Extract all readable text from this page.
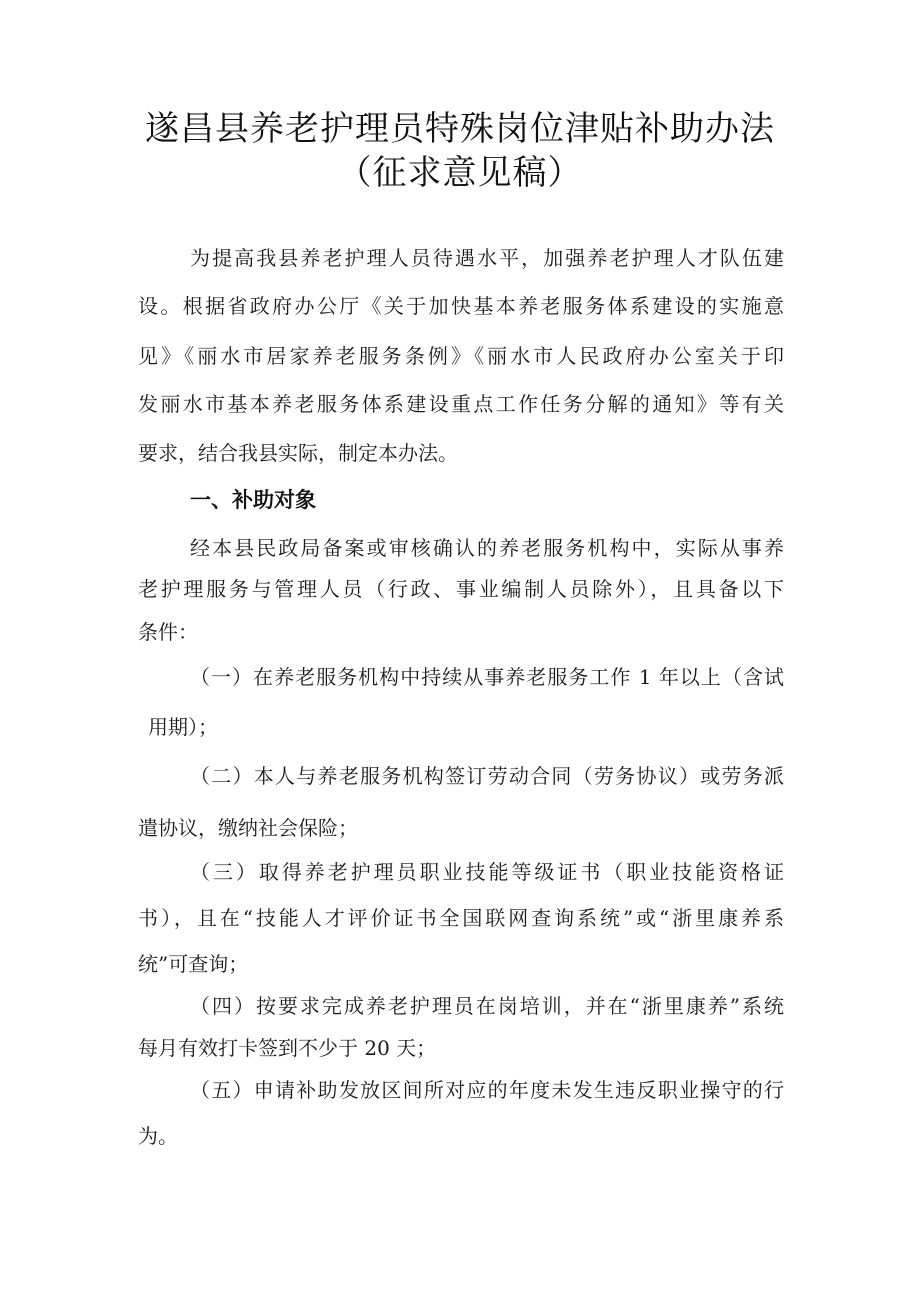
遂昌县养老护理员特殊岗位津贴补助办法
（征求意见稿）
为提高我县养老护理人员待遇水平，加强养老护理人才队伍建
设。根据省政府办公厅《关于加快基本养老服务体系建设的实施意
见》《丽水市居家养老服务条例》《丽水市人民政府办公室关于印
发丽水市基本养老服务体系建设重点工作任务分解的通知》等有关
要求，结合我县实际，制定本办法。
一、补助对象
经本县民政局备案或审核确认的养老服务机构中，实际从事养
老护理服务与管理人员（行政、事业编制人员除外），且具备以下
条件：
（一）在养老服务机构中持续从事养老服务工作 1 年以上（含试
用期）；
（二）本人与养老服务机构签订劳动合同（劳务协议）或劳务派
遣协议，缴纳社会保险；
（三）取得养老护理员职业技能等级证书（职业技能资格证
书），且在“技能人才评价证书全国联网查询系统”或“浙里康养系
统”可查询；
（四）按要求完成养老护理员在岗培训，并在“浙里康养”系统
每月有效打卡签到不少于 20 天；
（五）申请补助发放区间所对应的年度未发生违反职业操守的行
为。
